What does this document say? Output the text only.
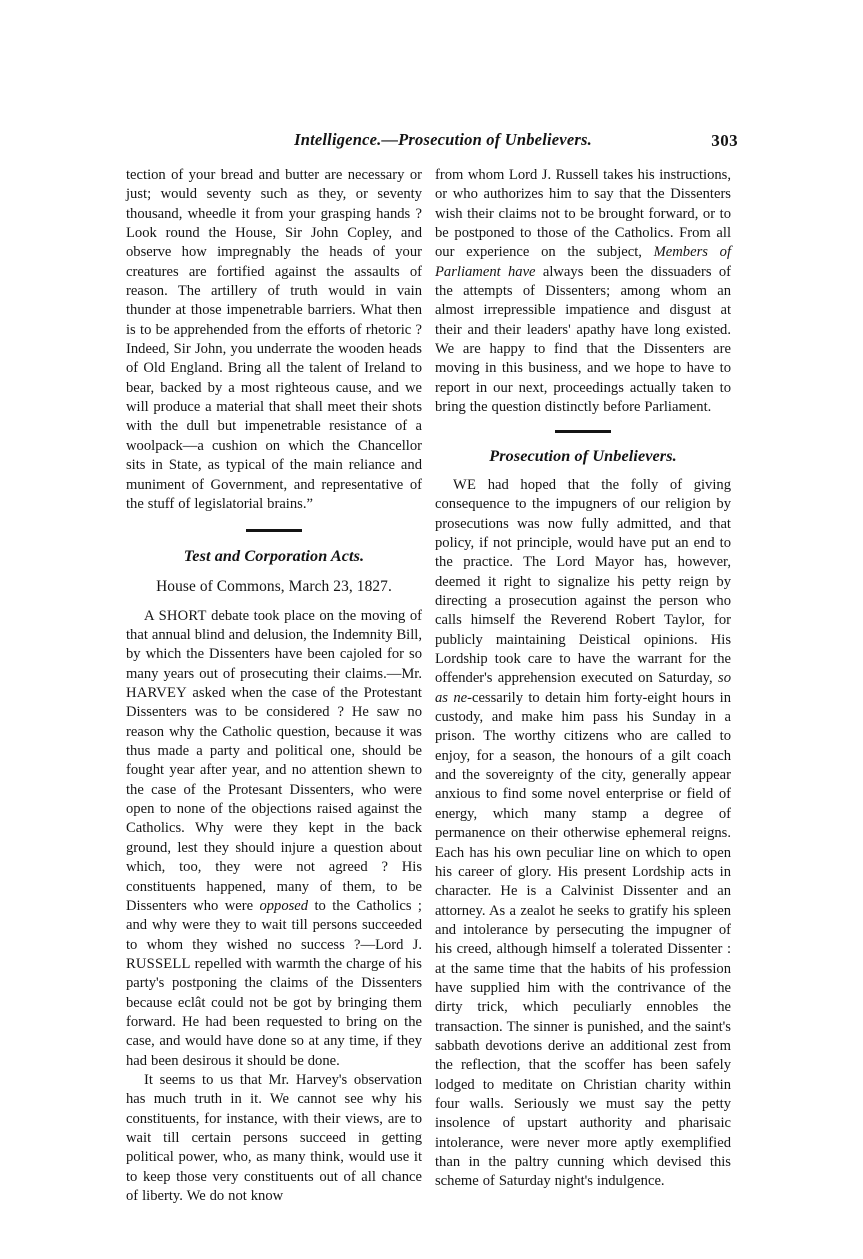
Intelligence.—Prosecution of Unbelievers.	303

tection of your bread and butter are necessary or just; would seventy such as they, or seventy thousand, wheedle it from your grasping hands ? Look round the House, Sir John Copley, and observe how impregnably the heads of your creatures are fortified against the assaults of reason. The artillery of truth would in vain thunder at those impenetrable barriers. What then is to be apprehended from the efforts of rhetoric ? Indeed, Sir John, you underrate the wooden heads of Old England. Bring all the talent of Ireland to bear, backed by a most righteous cause, and we will produce a material that shall meet their shots with the dull but impenetrable resistance of a woolpack—a cushion on which the Chancellor sits in State, as typical of the main reliance and muniment of Government, and representative of the stuff of legislatorial brains.”

Test and Corporation Acts.
House of Commons, March 23, 1827.

A SHORT debate took place on the moving of that annual blind and delusion, the Indemnity Bill, by which the Dissenters have been cajoled for so many years out of prosecuting their claims.—Mr. HARVEY asked when the case of the Protestant Dissenters was to be considered ? He saw no reason why the Catholic question, because it was thus made a party and political one, should be fought year after year, and no attention shewn to the case of the Protesant Dissenters, who were open to none of the objections raised against the Catholics. Why were they kept in the back ground, lest they should injure a question about which, too, they were not agreed ? His constituents happened, many of them, to be Dissenters who were opposed to the Catholics ; and why were they to wait till persons succeeded to whom they wished no success ?—Lord J. RUSSELL repelled with warmth the charge of his party's postponing the claims of the Dissenters because eclât could not be got by bringing them forward. He had been requested to bring on the case, and would have done so at any time, if they had been desirous it should be done.

It seems to us that Mr. Harvey's observation has much truth in it. We cannot see why his constituents, for instance, with their views, are to wait till certain persons succeed in getting political power, who, as many think, would use it to keep those very constituents out of all chance of liberty. We do not know

from whom Lord J. Russell takes his instructions, or who authorizes him to say that the Dissenters wish their claims not to be brought forward, or to be postponed to those of the Catholics. From all our experience on the subject, Members of Parliament have always been the dissuaders of the attempts of Dissenters; among whom an almost irrepressible impatience and disgust at their and their leaders' apathy have long existed. We are happy to find that the Dissenters are moving in this business, and we hope to have to report in our next, proceedings actually taken to bring the question distinctly before Parliament.

Prosecution of Unbelievers.

WE had hoped that the folly of giving consequence to the impugners of our religion by prosecutions was now fully admitted, and that policy, if not principle, would have put an end to the practice. The Lord Mayor has, however, deemed it right to signalize his petty reign by directing a prosecution against the person who calls himself the Reverend Robert Taylor, for publicly maintaining Deistical opinions. His Lordship took care to have the warrant for the offender's apprehension executed on Saturday, so as ne-cessarily to detain him forty-eight hours in custody, and make him pass his Sunday in a prison. The worthy citizens who are called to enjoy, for a season, the honours of a gilt coach and the sovereignty of the city, generally appear anxious to find some novel enterprise or field of energy, which many stamp a degree of permanence on their otherwise ephemeral reigns. Each has his own peculiar line on which to open his career of glory. His present Lordship acts in character. He is a Calvinist Dissenter and an attorney. As a zealot he seeks to gratify his spleen and intolerance by persecuting the impugner of his creed, although himself a tolerated Dissenter : at the same time that the habits of his profession have supplied him with the contrivance of the dirty trick, which peculiarly ennobles the transaction. The sinner is punished, and the saint's sabbath devotions derive an additional zest from the reflection, that the scoffer has been safely lodged to meditate on Christian charity within four walls. Seriously we must say the petty insolence of upstart authority and pharisaic intolerance, were never more aptly exemplified than in the paltry cunning which devised this scheme of Saturday night's indulgence.
